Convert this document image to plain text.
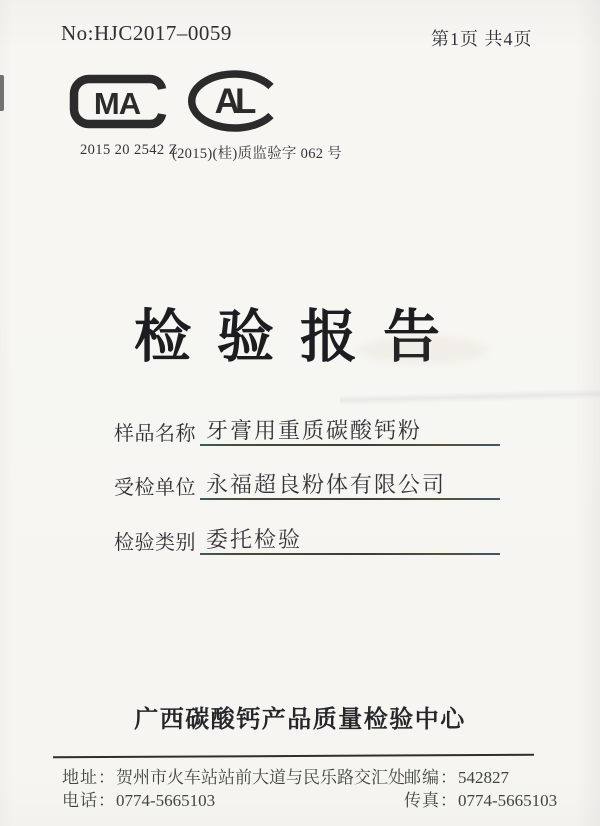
No:HJC2017–0059	第1页 共4页
MA AL
2015 20 2542 Z
(2015)(桂)质监验字 062 号
检验报告
样品名称 牙膏用重质碳酸钙粉
受检单位 永福超良粉体有限公司
检验类别 委托检验
广西碳酸钙产品质量检验中心
地址：贺州市火车站站前大道与民乐路交汇处
电话：0774-5665103
邮编：542827
传真：0774-5665103
